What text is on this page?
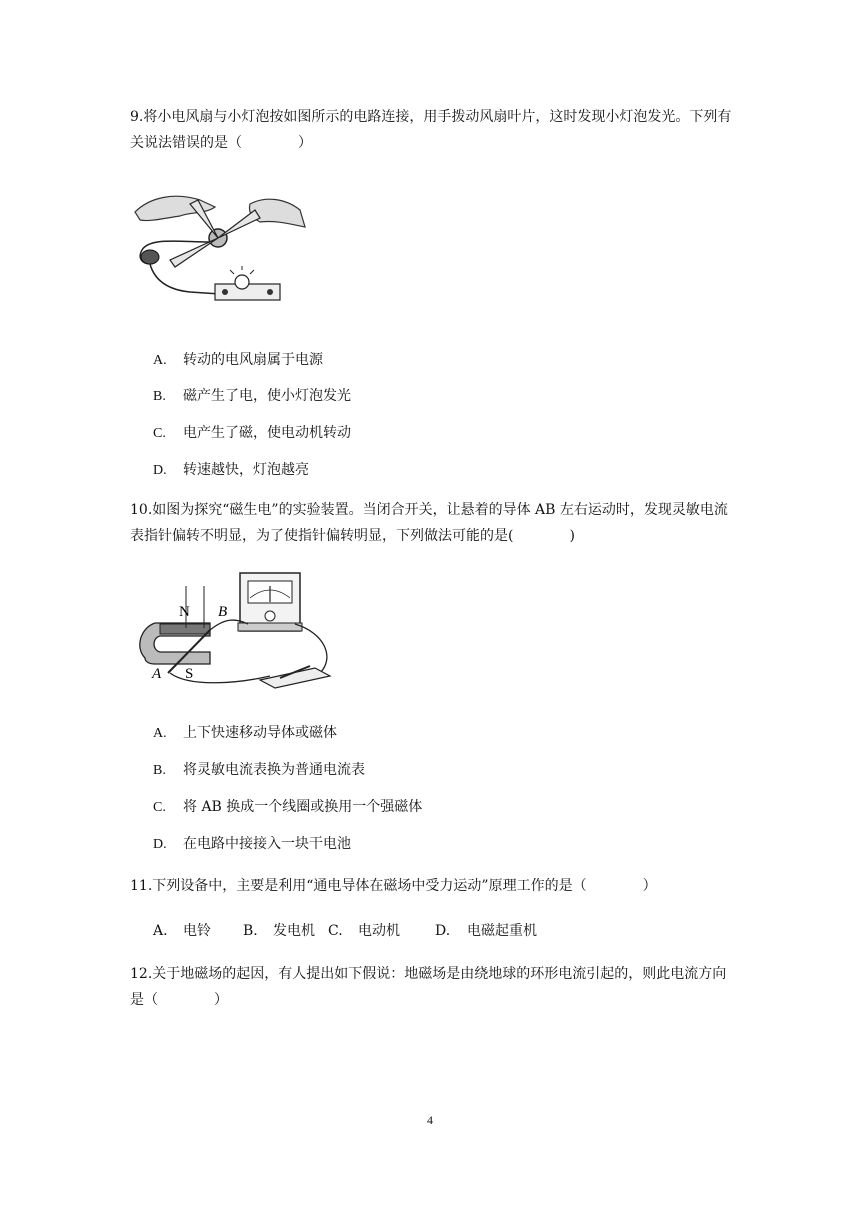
9.将小电风扇与小灯泡按如图所示的电路连接，用手拨动风扇叶片，这时发现小灯泡发光。下列有关说法错误的是（　　　　）
A. 转动的电风扇属于电源
B. 磁产生了电，使小灯泡发光
C. 电产生了磁，使电动机转动
D. 转速越快，灯泡越亮
10.如图为探究“磁生电”的实验装置。当闭合开关，让悬着的导体 AB 左右运动时，发现灵敏电流表指针偏转不明显，为了使指针偏转明显，下列做法可能的是(　　　　)
N B
A S
A. 上下快速移动导体或磁体
B. 将灵敏电流表换为普通电流表
C. 将 AB 换成一个线圈或换用一个强磁体
D. 在电路中接接入一块干电池
11.下列设备中，主要是利用“通电导体在磁场中受力运动”原理工作的是（　　　　）
A. 电铃 B. 发电机 C. 电动机	D. 电磁起重机
12.关于地磁场的起因，有人提出如下假说：地磁场是由绕地球的环形电流引起的，则此电流方向是（　　　　）
4
